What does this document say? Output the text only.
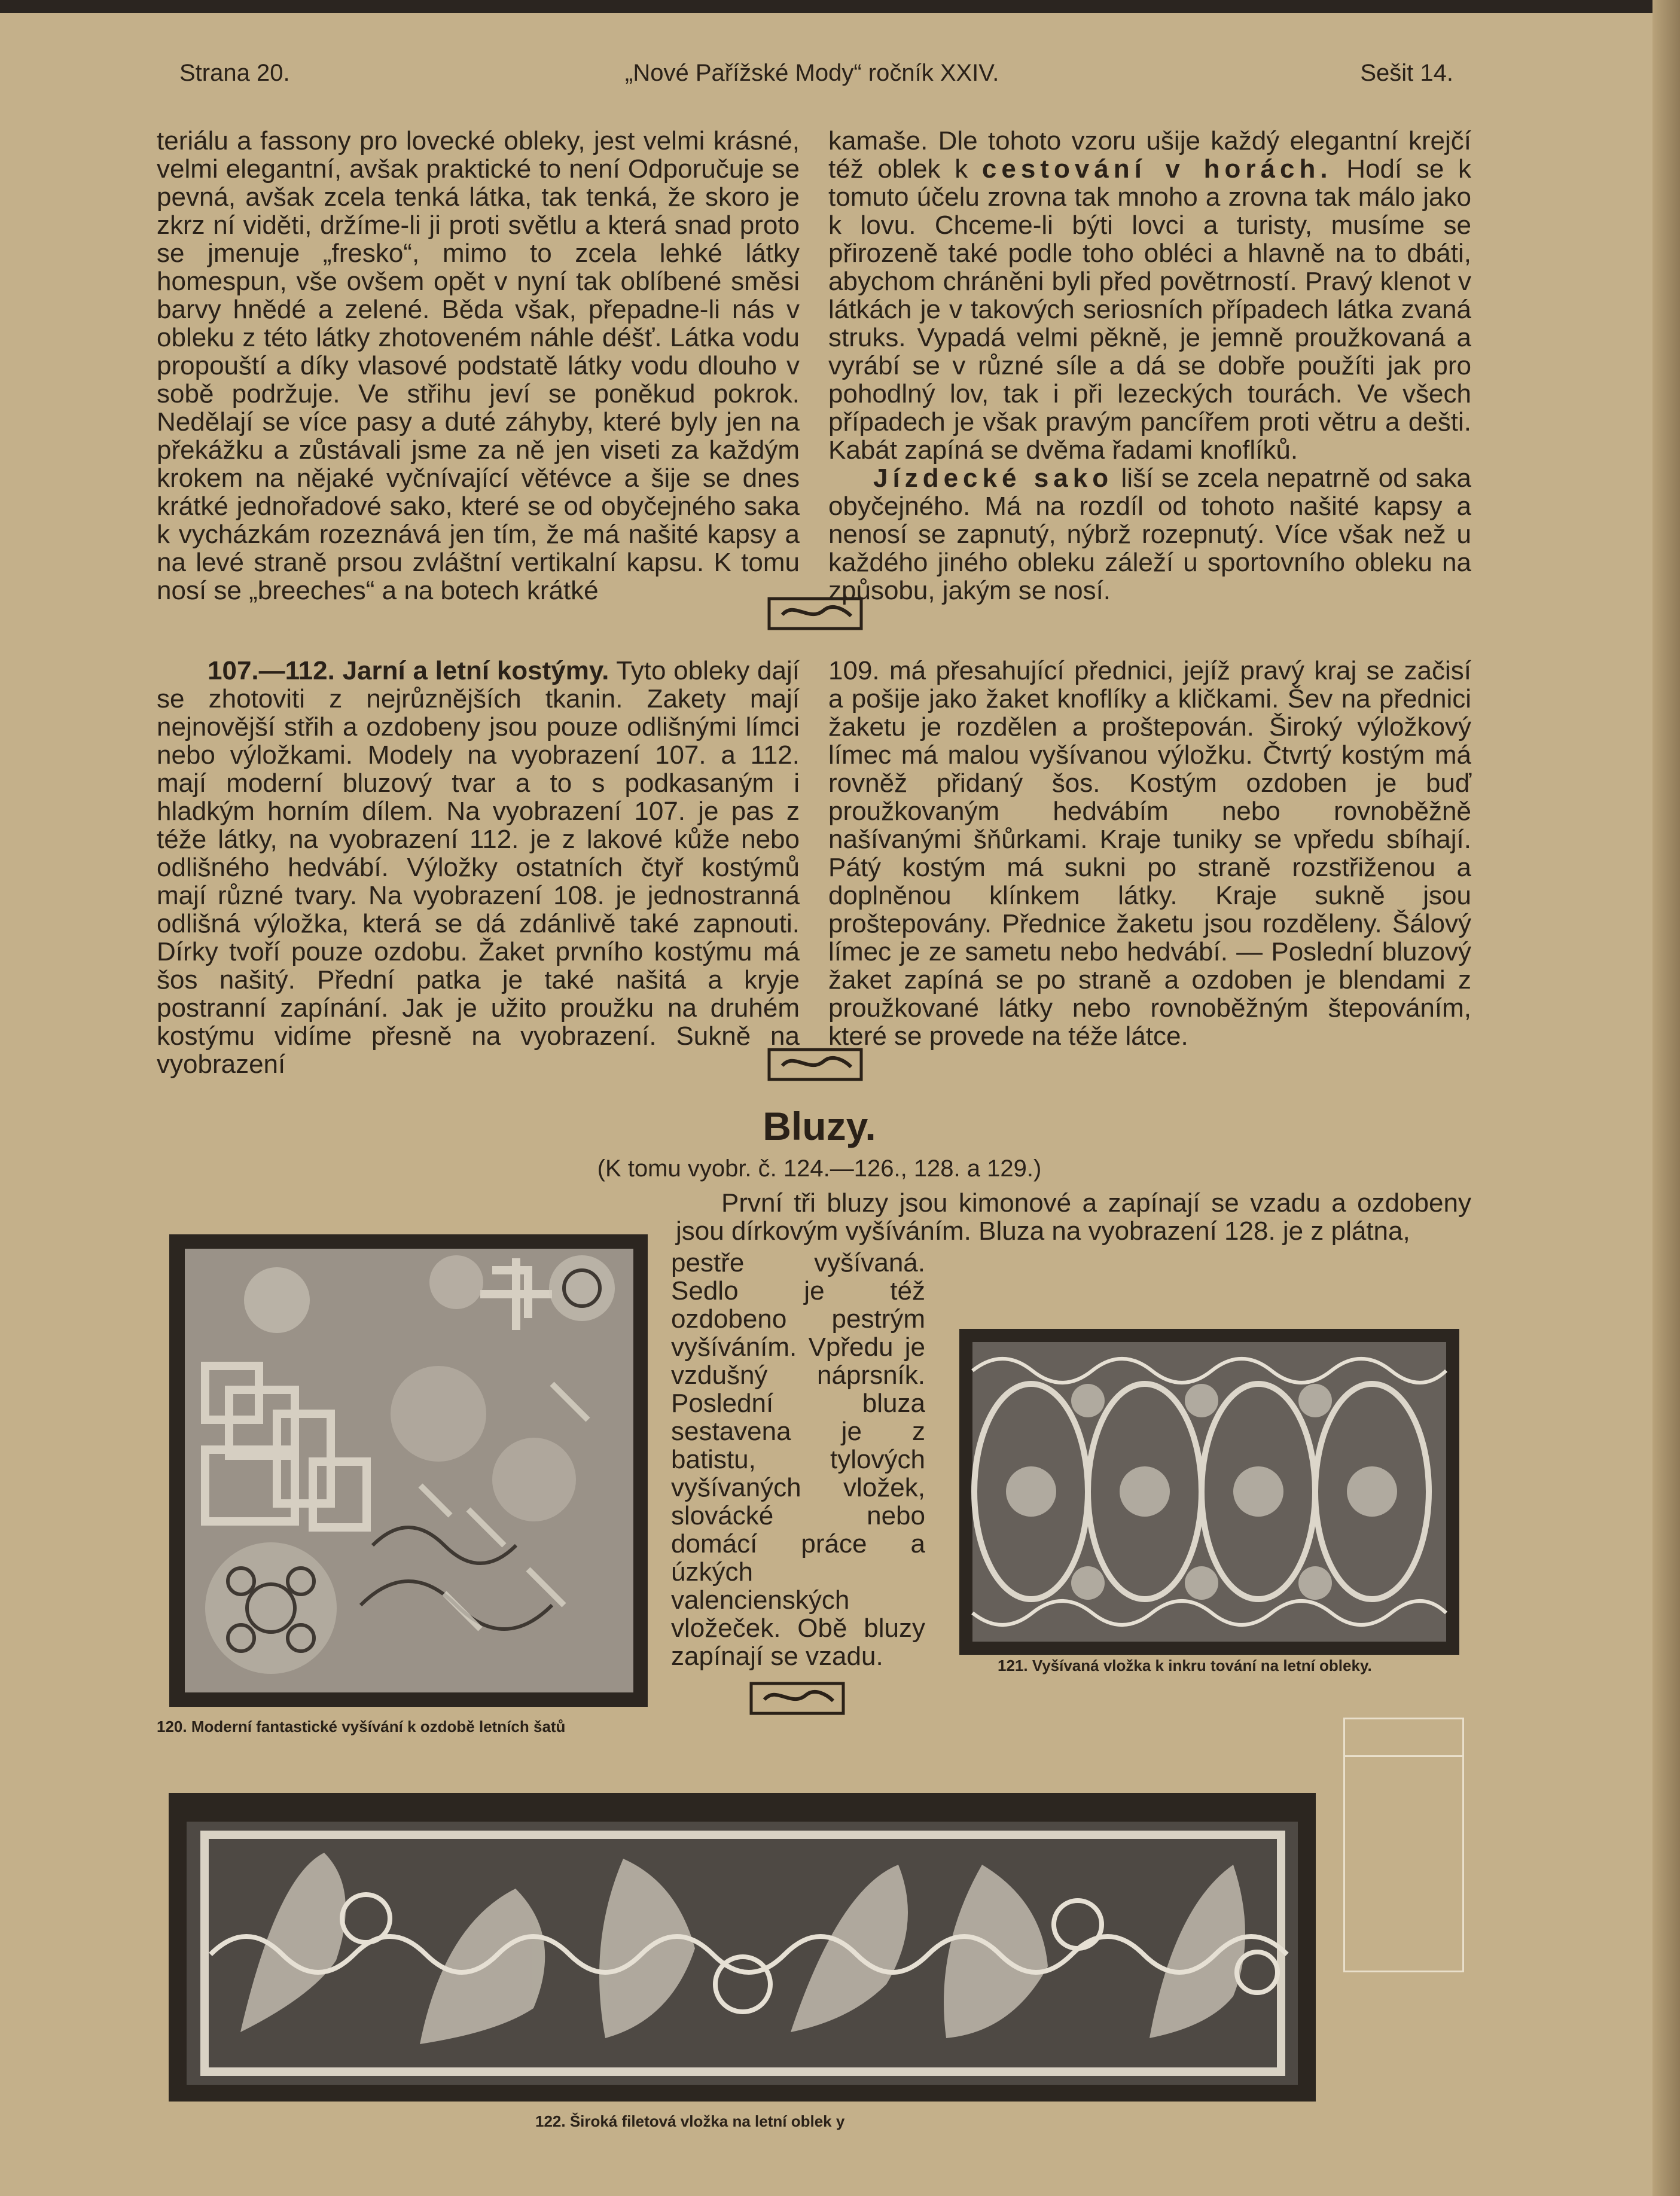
Strana 20.	„Nové Pařížské Mody“ ročník XXIV.	Sešit 14.

teriálu a fassony pro lovecké obleky, jest velmi krásné, velmi elegantní, avšak praktické to není Odporučuje se pevná, avšak zcela tenká látka, tak tenká, že skoro je zkrz ní viděti, držíme-li ji proti světlu a která snad proto se jmenuje „fresko“, mimo to zcela lehké látky homespun, vše ovšem opět v nyní tak oblíbené směsi barvy hnědé a zelené. Běda však, přepadne-li nás v obleku z této látky zhotoveném náhle déšť. Látka vodu propouští a díky vlasové podstatě látky vodu dlouho v sobě podržuje. Ve střihu jeví se poněkud pokrok. Nedělají se více pasy a duté záhyby, které byly jen na překážku a zůstávali jsme za ně jen viseti za každým krokem na nějaké vyčnívající větévce a šije se dnes krátké jednořadové sako, které se od obyčejného saka k vycházkám rozeznává jen tím, že má našité kapsy a na levé straně prsou zvláštní vertikalní kapsu. K tomu nosí se „breeches“ a na botech krátké

kamaše. Dle tohoto vzoru ušije každý elegantní krejčí též oblek k cestování v horách. Hodí se k tomuto účelu zrovna tak mnoho a zrovna tak málo jako k lovu. Chceme-li býti lovci a turisty, musíme se přirozeně také podle toho obléci a hlavně na to dbáti, abychom chráněni byli před povětrností. Pravý klenot v látkách je v takových seriosních případech látka zvaná struks. Vypadá velmi pěkně, je jemně proužkovaná a vyrábí se v různé síle a dá se dobře použíti jak pro pohodlný lov, tak i při lezeckých tourách. Ve všech případech je však pravým pancířem proti větru a dešti. Kabát zapíná se dvěma řadami knoflíků.

Jízdecké sako liší se zcela nepatrně od saka obyčejného. Má na rozdíl od tohoto našité kapsy a nenosí se zapnutý, nýbrž rozepnutý. Více však než u každého jiného obleku záleží u sportovního obleku na způsobu, jakým se nosí.

107.—112. Jarní a letní kostýmy. Tyto obleky dají se zhotoviti z nejrůznějších tkanin. Zakety mají nejnovější střih a ozdobeny jsou pouze odlišnými límci nebo výložkami. Modely na vyobrazení 107. a 112. mají moderní bluzový tvar a to s podkasaným i hladkým horním dílem. Na vyobrazení 107. je pas z téže látky, na vyobrazení 112. je z lakové kůže nebo odlišného hedvábí. Výložky ostatních čtyř kostýmů mají různé tvary. Na vyobrazení 108. je jednostranná odlišná výložka, která se dá zdánlivě také zapnouti. Dírky tvoří pouze ozdobu. Žaket prvního kostýmu má šos našitý. Přední patka je také našitá a kryje postranní zapínání. Jak je užito proužku na druhém kostýmu vidíme přesně na vyobrazení. Sukně na vyobrazení

109. má přesahující přednici, jejíž pravý kraj se začisí a pošije jako žaket knoflíky a kličkami. Šev na přednici žaketu je rozdělen a proštepován. Široký výložkový límec má malou vyšívanou výložku. Čtvrtý kostým má rovněž přidaný šos. Kostým ozdoben je buď proužkovaným hedvábím nebo rovnoběžně našívanými šňůrkami. Kraje tuniky se vpředu sbíhají. Pátý kostým má sukni po straně rozstřiženou a doplněnou klínkem látky. Kraje sukně jsou proštepovány. Přednice žaketu jsou rozděleny. Šálový límec je ze sametu nebo hedvábí. — Poslední bluzový žaket zapíná se po straně a ozdoben je blendami z proužkované látky nebo rovnoběžným štepováním, které se provede na téže látce.

Bluzy.
(K tomu vyobr. č. 124.—126., 128. a 129.)
První tři bluzy jsou kimonové a zapínají se vzadu a ozdobeny jsou dírkovým vyšíváním. Bluza na vyobrazení 128. je z plátna,

pestře vyšívaná. Sedlo je též ozdobeno pestrým vyšíváním. Vpředu je vzdušný náprsník. Poslední bluza sestavena je z batistu, tylových vyšívaných vložek, slovácké nebo domácí práce a úzkých valencienských vložeček. Obě bluzy zapínají se vzadu.

120. Moderní fantastické vyšívání k ozdobě letních šatů
121. Vyšívaná vložka k inkru tování na letní obleky.
122. Široká filetová vložka na letní oblek y
